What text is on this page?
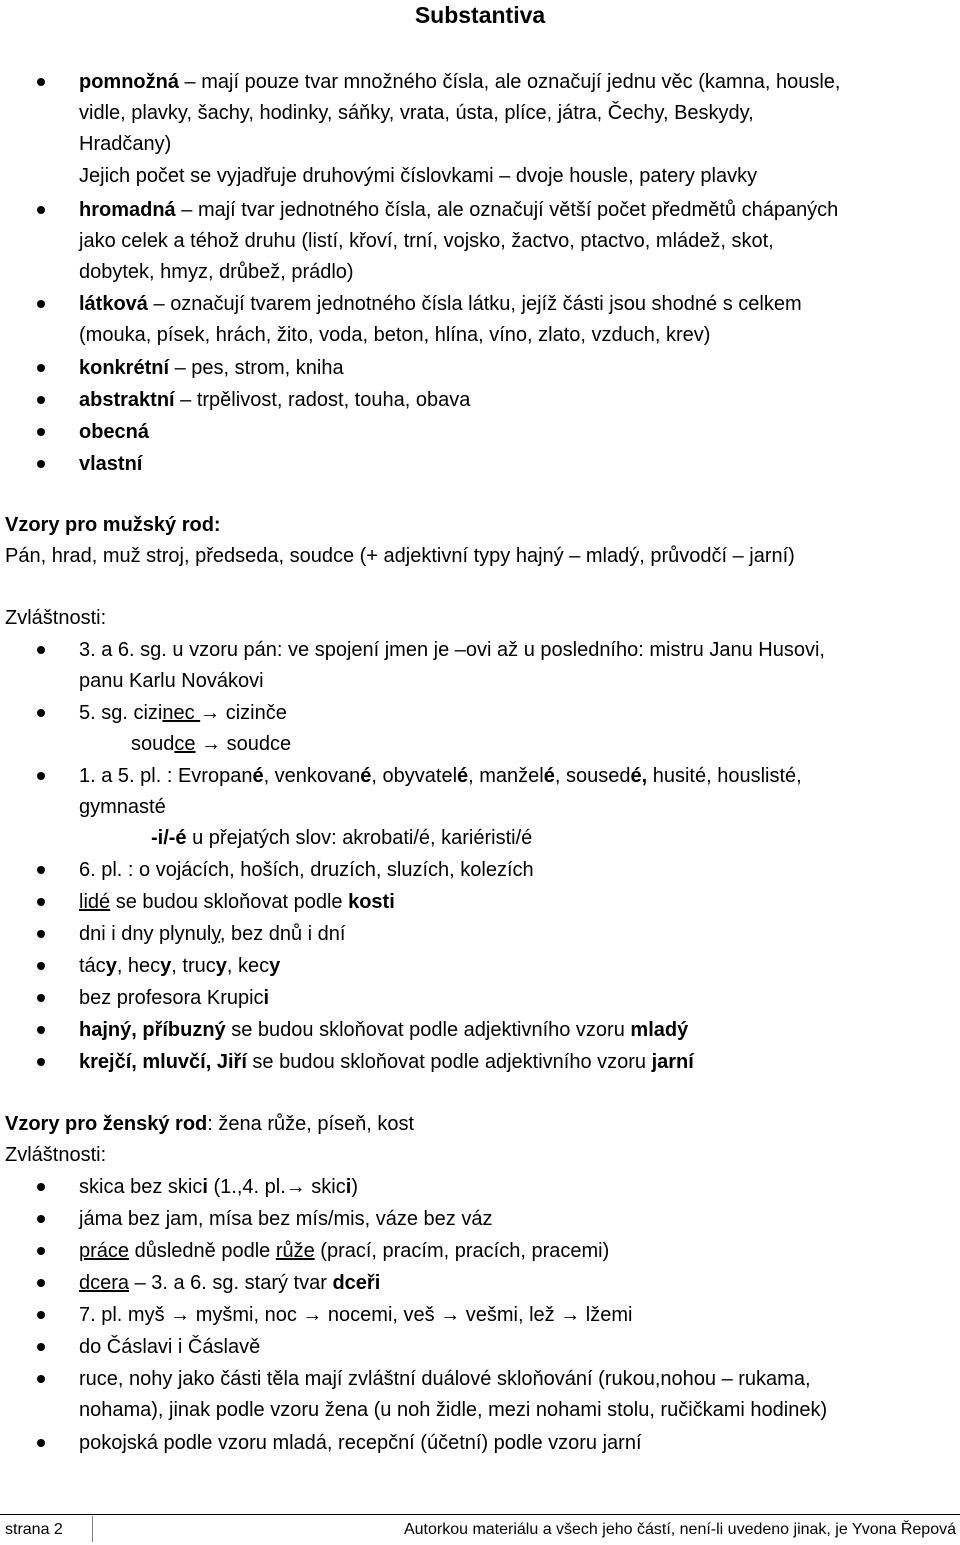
Substantiva
pomnožná – mají pouze tvar množného čísla, ale označují jednu věc (kamna, housle,
vidle, plavky, šachy, hodinky, sáňky, vrata, ústa, plíce, játra, Čechy, Beskydy,
Hradčany)
Jejich počet se vyjadřuje druhovými číslovkami – dvoje housle, patery plavky
hromadná – mají tvar jednotného čísla, ale označují větší počet předmětů chápaných
jako celek a téhož druhu (listí, křoví, trní, vojsko, žactvo, ptactvo, mládež, skot,
dobytek, hmyz, drůbež, prádlo)
látková – označují tvarem jednotného čísla látku, jejíž části jsou shodné s celkem
(mouka, písek, hrách, žito, voda, beton, hlína, víno, zlato, vzduch, krev)
konkrétní – pes, strom, kniha
abstraktní – trpělivost, radost, touha, obava
obecná
vlastní
Vzory pro mužský rod:
Pán, hrad, muž stroj, předseda, soudce (+ adjektivní typy hajný – mladý, průvodčí – jarní)
Zvláštnosti:
3. a 6. sg. u vzoru pán: ve spojení jmen je –ovi až u posledního: mistru Janu Husovi,
panu Karlu Novákovi
5. sg. cizinec → cizinče
soudce → soudce
1. a 5. pl. : Evropané, venkované, obyvatelé, manželé, sousedé, husité, houslisté,
gymnasté
-i/-é u přejatých slov: akrobati/é, kariéristi/é
6. pl. : o vojácích, hoších, druzích, sluzích, kolezích
lidé se budou skloňovat podle kosti
dni i dny plynuly, bez dnů i dní
tácy, hecy, trucy, kecy
bez profesora Krupici
hajný, příbuzný se budou skloňovat podle adjektivního vzoru mladý
krejčí, mluvčí, Jiří se budou skloňovat podle adjektivního vzoru jarní
Vzory pro ženský rod: žena růže, píseň, kost
Zvláštnosti:
skica bez skici (1.,4. pl.→ skici)
jáma bez jam, mísa bez mís/mis, váze bez váz
práce důsledně podle růže (prací, pracím, pracích, pracemi)
dcera – 3. a 6. sg. starý tvar dceři
7. pl. myš → myšmi, noc → nocemi, veš → vešmi, lež → lžemi
do Čáslavi i Čáslavě
ruce, nohy jako části těla mají zvláštní duálové skloňování (rukou,nohou – rukama,
nohama), jinak podle vzoru žena (u noh židle, mezi nohami stolu, ručičkami hodinek)
pokojská podle vzoru mladá, recepční (účetní) podle vzoru jarní
strana 2	Autorkou materiálu a všech jeho částí, není-li uvedeno jinak, je Yvona Řepová
